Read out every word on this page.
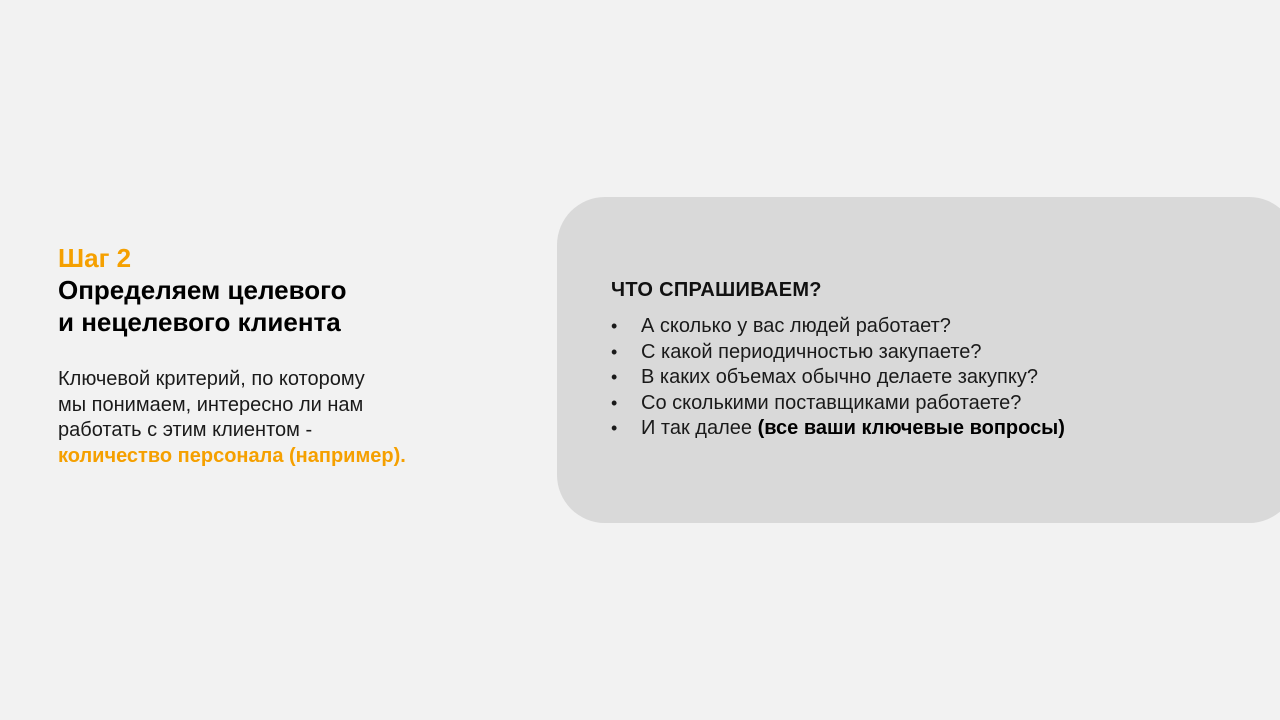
Шаг 2
Определяем целевого
и нецелевого клиента
Ключевой критерий, по которому
мы понимаем, интересно ли нам
работать с этим клиентом -
количество персонала (например).
ЧТО СПРАШИВАЕМ?
• А сколько у вас людей работает?
• С какой периодичностью закупаете?
• В каких объемах обычно делаете закупку?
• Со сколькими поставщиками работаете?
• И так далее (все ваши ключевые вопросы)
